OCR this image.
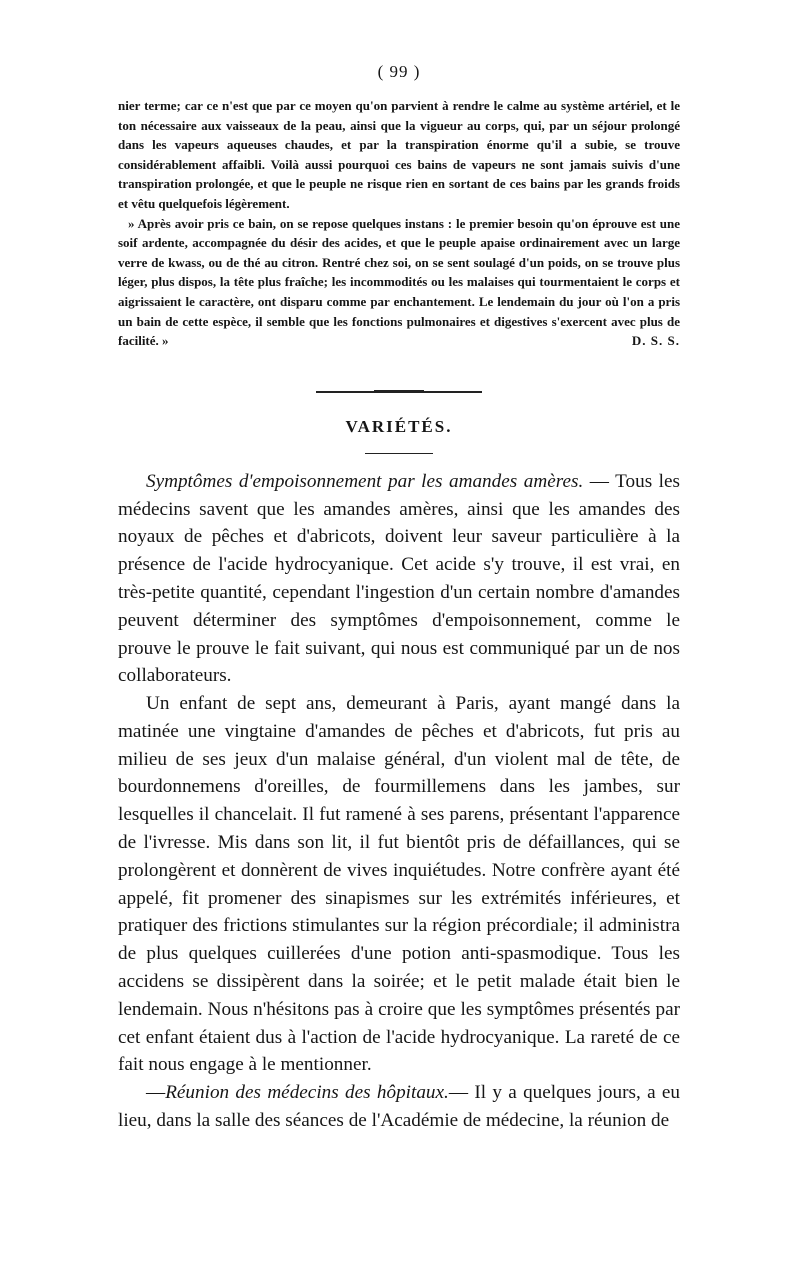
( 99 )

nier terme; car ce n'est que par ce moyen qu'on parvient à rendre le calme au système artériel, et le ton nécessaire aux vaisseaux de la peau, ainsi que la vigueur au corps, qui, par un séjour prolongé dans les vapeurs aqueuses chaudes, et par la transpiration énorme qu'il a subie, se trouve considérablement affaibli. Voilà aussi pourquoi ces bains de vapeurs ne sont jamais suivis d'une transpiration prolongée, et que le peuple ne risque rien en sortant de ces bains par les grands froids et vêtu quelquefois légèrement.

» Après avoir pris ce bain, on se repose quelques instans : le premier besoin qu'on éprouve est une soif ardente, accompagnée du désir des acides, et que le peuple apaise ordinairement avec un large verre de kwass, ou de thé au citron. Rentré chez soi, on se sent soulagé d'un poids, on se trouve plus léger, plus dispos, la tête plus fraîche; les incommodités ou les malaises qui tourmentaient le corps et aigrissaient le caractère, ont disparu comme par enchantement. Le lendemain du jour où l'on a pris un bain de cette espèce, il semble que les fonctions pulmonaires et digestives s'exercent avec plus de facilité. »	D. S. S.

VARIÉTÉS.

Symptômes d'empoisonnement par les amandes amères. — Tous les médecins savent que les amandes amères, ainsi que les amandes des noyaux de pêches et d'abricots, doivent leur saveur particulière à la présence de l'acide hydrocyanique. Cet acide s'y trouve, il est vrai, en très-petite quantité, cependant l'ingestion d'un certain nombre d'amandes peuvent déterminer des symptômes d'empoisonnement, comme le prouve le prouve le fait suivant, qui nous est communiqué par un de nos collaborateurs.

Un enfant de sept ans, demeurant à Paris, ayant mangé dans la matinée une vingtaine d'amandes de pêches et d'abricots, fut pris au milieu de ses jeux d'un malaise général, d'un violent mal de tête, de bourdonnemens d'oreilles, de fourmillemens dans les jambes, sur lesquelles il chancelait. Il fut ramené à ses parens, présentant l'apparence de l'ivresse. Mis dans son lit, il fut bientôt pris de défaillances, qui se prolongèrent et donnèrent de vives inquiétudes. Notre confrère ayant été appelé, fit promener des sinapismes sur les extrémités inférieures, et pratiquer des frictions stimulantes sur la région précordiale; il administra de plus quelques cuillerées d'une potion anti-spasmodique. Tous les accidens se dissipèrent dans la soirée; et le petit malade était bien le lendemain. Nous n'hésitons pas à croire que les symptômes présentés par cet enfant étaient dus à l'action de l'acide hydrocyanique. La rareté de ce fait nous engage à le mentionner.

—Réunion des médecins des hôpitaux.— Il y a quelques jours, a eu lieu, dans la salle des séances de l'Académie de médecine, la réunion de
